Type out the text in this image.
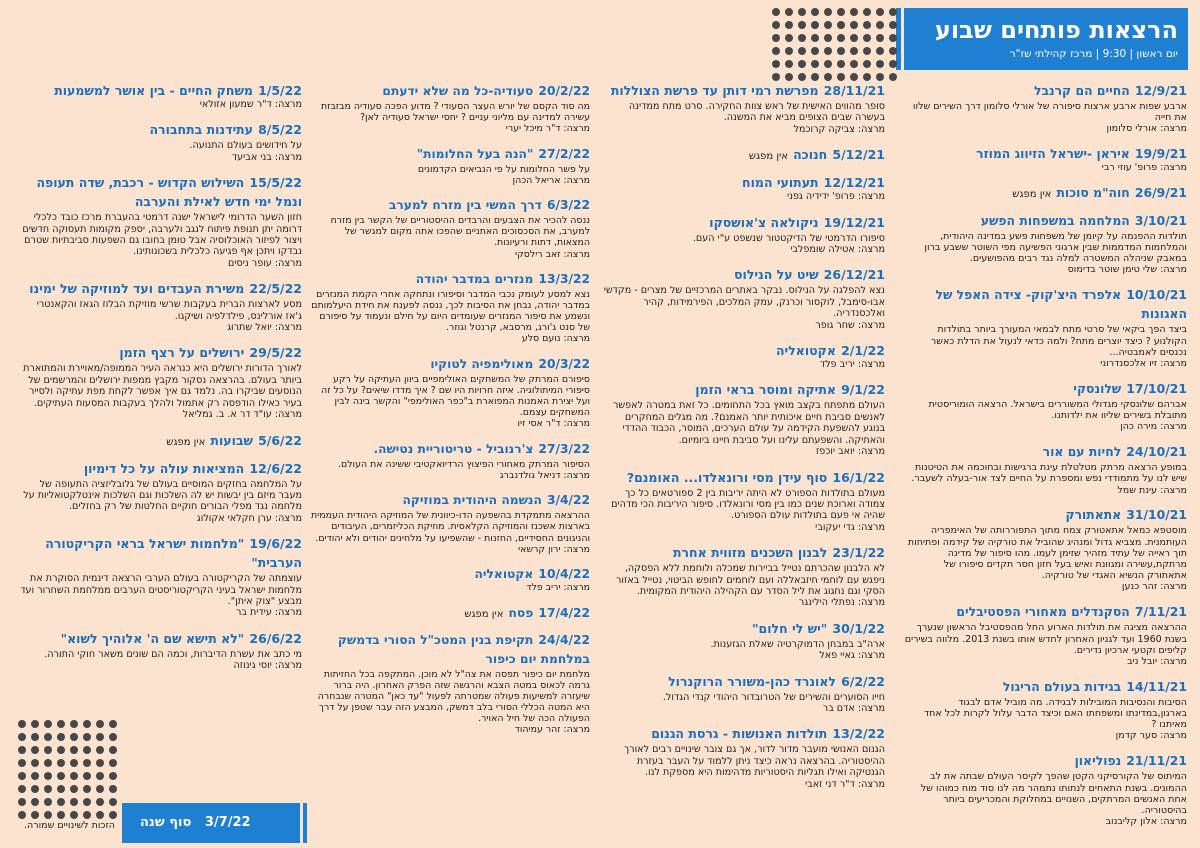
הרצאות פותחים שבוע
יום ראשון | 9:30 | מרכז קהילתי שז"ר
12/9/21 החיים הם קרנבל
ארבע שפות ארבע ארצות סיפורה של אורלי סלומון דרך השירים שלוו את חייה
מרצה: אורלי סלומון
19/9/21 איראן -ישראל הזיווג המוזר
מרצה: פרופ' עוזי רבי
26/9/21 חוה"מ סוכות אין מפגש
3/10/21 המלחמה במשפחות הפשע
תולדות ההפנמה על קיומן של משפחות פשע במדינה היהודית, והמלחמות המדממות שבין ארגוני הפשיעה מפי השוטר ששבע ברון במאבק שניהלה המשטרה למלה נגד רבים מהפושעים.
מרצה: שלי טימן שוטר בדימוס
10/10/21 אלפרד היצ'קוק- צידה האפל של האגונות
ביצד הפך ביקאי של סרטי מתח לבמאי המעורך ביותר בתולדות הקולנוע ? כיצד יוצרים מתח? ולמה כדאי לנעול את הדלת כאשר נכנסים לאמבטיה...
מרצה: זיו אלכסנדרוני
17/10/21 שלונסקי
אברהם שלונסקי מגדולי המשוררים בישראל. הרצאה הומוריסטית מתובלת בשירים שליוו את ילדותנו.
מרצה: מירה כהן
24/10/21 לחיות עם אור
במופע הרצאה מרתק מטלטלת עינת ברגישות ובחוכמה את הטיטנות שיש לנו על מתמודדי נפש ומספרת על החיים לצד אור-בעלה לשעבר.
מרצה: עינת שמל
31/10/21 אתאתורק
מוסטפא כמאל אתאטורק צמח מתוך התפוררותה של האימפריה העותמנית. מצביא גדול ומנהיג שהוביל את טורקיה של קידמה ופתיחות תוך ראייה של עתיד מזהיר שזימן לעמו. מהו סיפור של מדינה מרתקת,עשירה ומגוונת ואיש בעל חזון חסר תקדים סיפורו של אתאתורק הנשיא האגדי של טורקיה.
מרצה: זהר כנען
7/11/21 הסקנדלים מאחורי הפסטיבלים
ההרצאה מציגה את תולדות הארוע החל מהפסטיבל הראשון שנערך בשנת 1960 ועד לגניון האחרון לחדש אותו בשנת 2013. מלווה בשירים קליפים וקטעי ארכיון נדירים.
מרצה: יובל ניב
14/11/21 בגידות בעולם הריגול
הסיבות והנסיבות המובילות לבגידה. מה מוביל אדם לבגוד בארגון,במדינתו ומשפחתו האם וכיצד הדבר עלול לקרות לכל אחד מאיתנו ?
מרצה: סער קדמן
21/11/21 נפוליאון
המיתוס של הקורסיקני הקטן שהפך לקיסר העולם שבתה את לב ההמונים. בשנת התאחים לנתותו נתמהר מה לנו סוד מוח כמוהו של אחת האנשים המרתקים, השנויים במחלוקת והמכריעים ביותר בהיסטוריה.
מרצה: אלון קליבנוב
28/11/21 מפרשת רמי דותן עד פרשת הצוללות
סופר מהווים האישית של ראש צוות החקירה. סרט מתח ממדינה בעשרה שבים הצופים מביא את המשנה.
מרצה: צביקה קרוכמל
5/12/21 חנוכה אין מפגש
12/12/21 תעתועי המוח
מרצה: פרופ' ידידיה גפני
19/12/21 ניקולאה צ'אושסקו
סיפורו הדרמטי של הדיקטטור שנשפט ע"י העם.
מרצה: אטילה שומפלבי
26/12/21 שיט על הנילוס
נצא להפלגה על הנילוס. נבקר באתרים המרכזיים של מצרים - מקדשי אבו-סימבל, לוקסור וכרנק, עמק המלכים, הפירמידות, קהיר ואלכסנדריה.
מרצה: שחר גופר
2/1/22 אקטואליה
מרצה: יריב פלד
9/1/22 אתיקה ומוסר בראי הזמן
העולם מתפתח בקצב מואץ בכל התחומים. כל זאת במטרה לאפשר לאנשים סביבת חיים איכותית יותר האמנם?. מה מגלים המחקרים בנוגע להשפעת הקידמה על עולם הערכים, המוסר, הכבוד ההדדי והאתיקה. והשפעתם עלינו ועל סביבת חיינו ביומיום.
מרצה: יואב יוכפז
16/1/22 סוף עידן מסי ורונאלדו... האומנם?
מעולם בתולדות הספורט לא היתה יריבות בין 2 ספורטאים כל כך צמודה וארוכת שנים כמו בין מסי ורונאלדו. סיפור היריבות הכי מדהים שהיה אי פעם בתולדות עולם הספורט.
מרצה: גדי יעקובי
23/1/22 לבנון השכנים מזווית אחרת
לא הלבנון שהכרתם נטייל בביירות שמכלה ולוחמת ללא הפסקה, ניפגש עם לוחמי חיזבאללה ועם לוחמים לחופש הביטוי, נטייל באזור הסקי וגם נחגוג את ליל הסדר עם הקהילה היהודית המקומית.
מרצה: נפתלי הילינגר
30/1/22 "יש לי חלום"
ארה"ב במבחן הדמוקרטיה שאלת הגזענות.
מרצה: גאיי פאל
6/2/22 לאונרד כהן-משורר הרוקנרול
חייו הסוערים והשירים של הטרובדור היהודי קנדי הגדול.
מרצה: אדם בר
13/2/22 תולדות האנושות - גרסת הגנום
הגנום האנושי מועבר מדור לדור, אך גם צובר שינויים רבים לאורך ההיסטוריה. בהרצאה נראה כיצד ניתן ללמוד על העבר בעזרת הגנטיקה ואילו תגליות היסטוריות מדהימות היא מספקת לנו.
מרצה: ד"ר דני זאבי
20/2/22 סעודיה-כל מה שלא ידעתם
מה סוד הקסם של יורש העצר הסעודי ? מדוע הפכה סעודיה מבזבזת עשירה למדינה עם מליוני עניים ? יחסי ישראל סעודיה לאן?
מרצה: ד"ר מיכל יערי
27/2/22 "הנה בעל החלומות"
על פשר החלומות על פי הנביאים הקדמונים
מרצה: אריאל הכהן
6/3/22 דרך המשי בין מזרח למערב
ננסה להכיר את הצבעים והרבדים ההיסטוריים של הקשר בין מזרח למערב, את הסכסוכים האתניים שהפכו אתה מקום למגשר של המצאות, דתות ורעיונות.
מרצה: זאב רילסקי
13/3/22 מנזרים במדבר יהודה
נצא למסע לעומק נכבי המדבר וסיפורו ונתחקה אחרי הקמת המנזרים במדבר יהודה, נבחן את הסיבות לכך, ננסה לפענח את חידת היעלמותם ונשמע את סיפור המנזרים שעומדים היום על חילם ונעמוד על סיפורם של סנט ג'ורג, מרסבא, קרנטל וגוזר.
מרצה: נועם סלע
20/3/22 מאולימפיה לטוקיו
סיפורם המרתק של המשחקים האולימפיים ביוון העתיקה על רקע סיפורי המיתולוגיה. איזה חרויות היו שם ? איך מדדו שיאים? על כל זה ועל יצירת האמנות המפוארת ב"כפר האולימפי" והקשר בינה לבין המשחקים עצמם.
מרצה: ד"ר אסי זיו
27/3/22 צ'רנוביל - טריטוריית נטישה.
הסיפור המרתק מאחורי הפיצוץ הרדיואקטיבי ששינה את העולם.
מרצה: דניאל גולדנברג
3/4/22 הנשמה היהודית במוזיקה
ההרצאה מתמקדת בהשפעה הדו-כיוונית של המוזיקה היהודית העממית בארצות אשכנז והמוזיקה הקלאסית. מוזיקת הכליזמרים, העיבודים והניגונים החסידיים, החזנות - שהשפיעו על מלחינים יהודים ולא יהודים.
מרצה: ירון קרשאי
10/4/22 אקטואליה
מרצה: יריב פלד
17/4/22 פסח אין מפגש
24/4/22 תקיפת בנין המטכ"ל הסורי בדמשק במלחמת יום כיפור
מלחמת יום כיפור תפסה את צה"ל לא מוכן. המתקפה בכל החזיתות גרמה לכאוס במטה הצבא והרגשה שזה הפרק האחרון. היה ברור שיעזרה למשיעות פעולה שמטרתה לפעול "עד כאן" המטרה שנבחרה היא המטה הכללי הסורי בלב דמשק, המבצע הזה עבר שטפן על דרך הפעולה הכה של חיל האויר.
מרצה: זהר עמיהוד
1/5/22 משחק החיים - בין אושר למשמעות
מרצה: ד"ר שמעון אזולאי
8/5/22 עתידנות בתחבורה
על חידושים בעולם התנועה.
מרצה: בני אביעד
15/5/22 השילוש הקדוש - רכבת, שדה תעופה ונמל ימי חדש לאילת והערבה
חזון השער הדרומי לישראל ישנה דרמטי בהעברת מרכז כובד כלכלי דרומה יתן תנופת פיתוח לנגב ולערבה, יספק מקומות תעסוקה חדשים ויצור לפיזור האוכלוסיה אבל טומן בחובו גם השפעות סביבתיות שטרם נבדקו ויתכן אף פגיעה כלכלית בשכונותינו.
מרצה: עופר ניסים
22/5/22 משירת העבדים ועד למוזיקה של ימינו
מסע לארצות הברית בעקבות שרשי מוזיקת הבלוז הגאז והקאנטרי ג'אז אורלינס, פילדלפיה ושיקגו.
מרצה: יואל שתרוג
29/5/22 ירושלים על רצף הזמן
לאורך הדורות ירושלים היא כנראה העיר הממופה/מאויירת והמתוארת ביותר בעולם. בהרצאה נסקור מקבץ ממפות ירושלים והמרשמים של הנוסעים שביקרו בה. נלמד גם איך אפשר לקחת מפת עתיקה ולסייר בעיר כאילו הודפסה רק אתמול ולהלך בעקבות המסעות העתיקים.
מרצה: עו"ד דר א. ב. גמליאל
5/6/22 שבועות אין מפגש
12/6/22 המציאות עולה על כל דימיון
על המלחמה בחזקים המוסיים בעולם של גלובליזציה התעופה של מעבר מיזם בין יבשות יש לה השלכות וגם השלכות אינטלקטואליות על מלחמה נגד מפלי הבורים חוקיים החלטות של רק בחזלים.
מרצה: ערן חקלאי אקולוג
19/6/22 "מלחמות ישראל בראי הקריקטורה הערבית"
עוצמתה של הקריקטורה בעולם הערבי הרצאה דינמית הסוקרת את מלחמות ישראל בעיני הקריקטוריסטים הערבים ממלחמת השחרור ועד מבצע "צוק איתן".
מרצה: עידית בר
26/6/22 "לא תישא שם ה' אלוהיך לשוא"
מי כתב את עשרת הדיברות, וכמה הם שונים משאר חוקי התורה.
מרצה: יוסי גינוזה
3/7/22   סוף שנה
הזכות לשינויים שמורה.
